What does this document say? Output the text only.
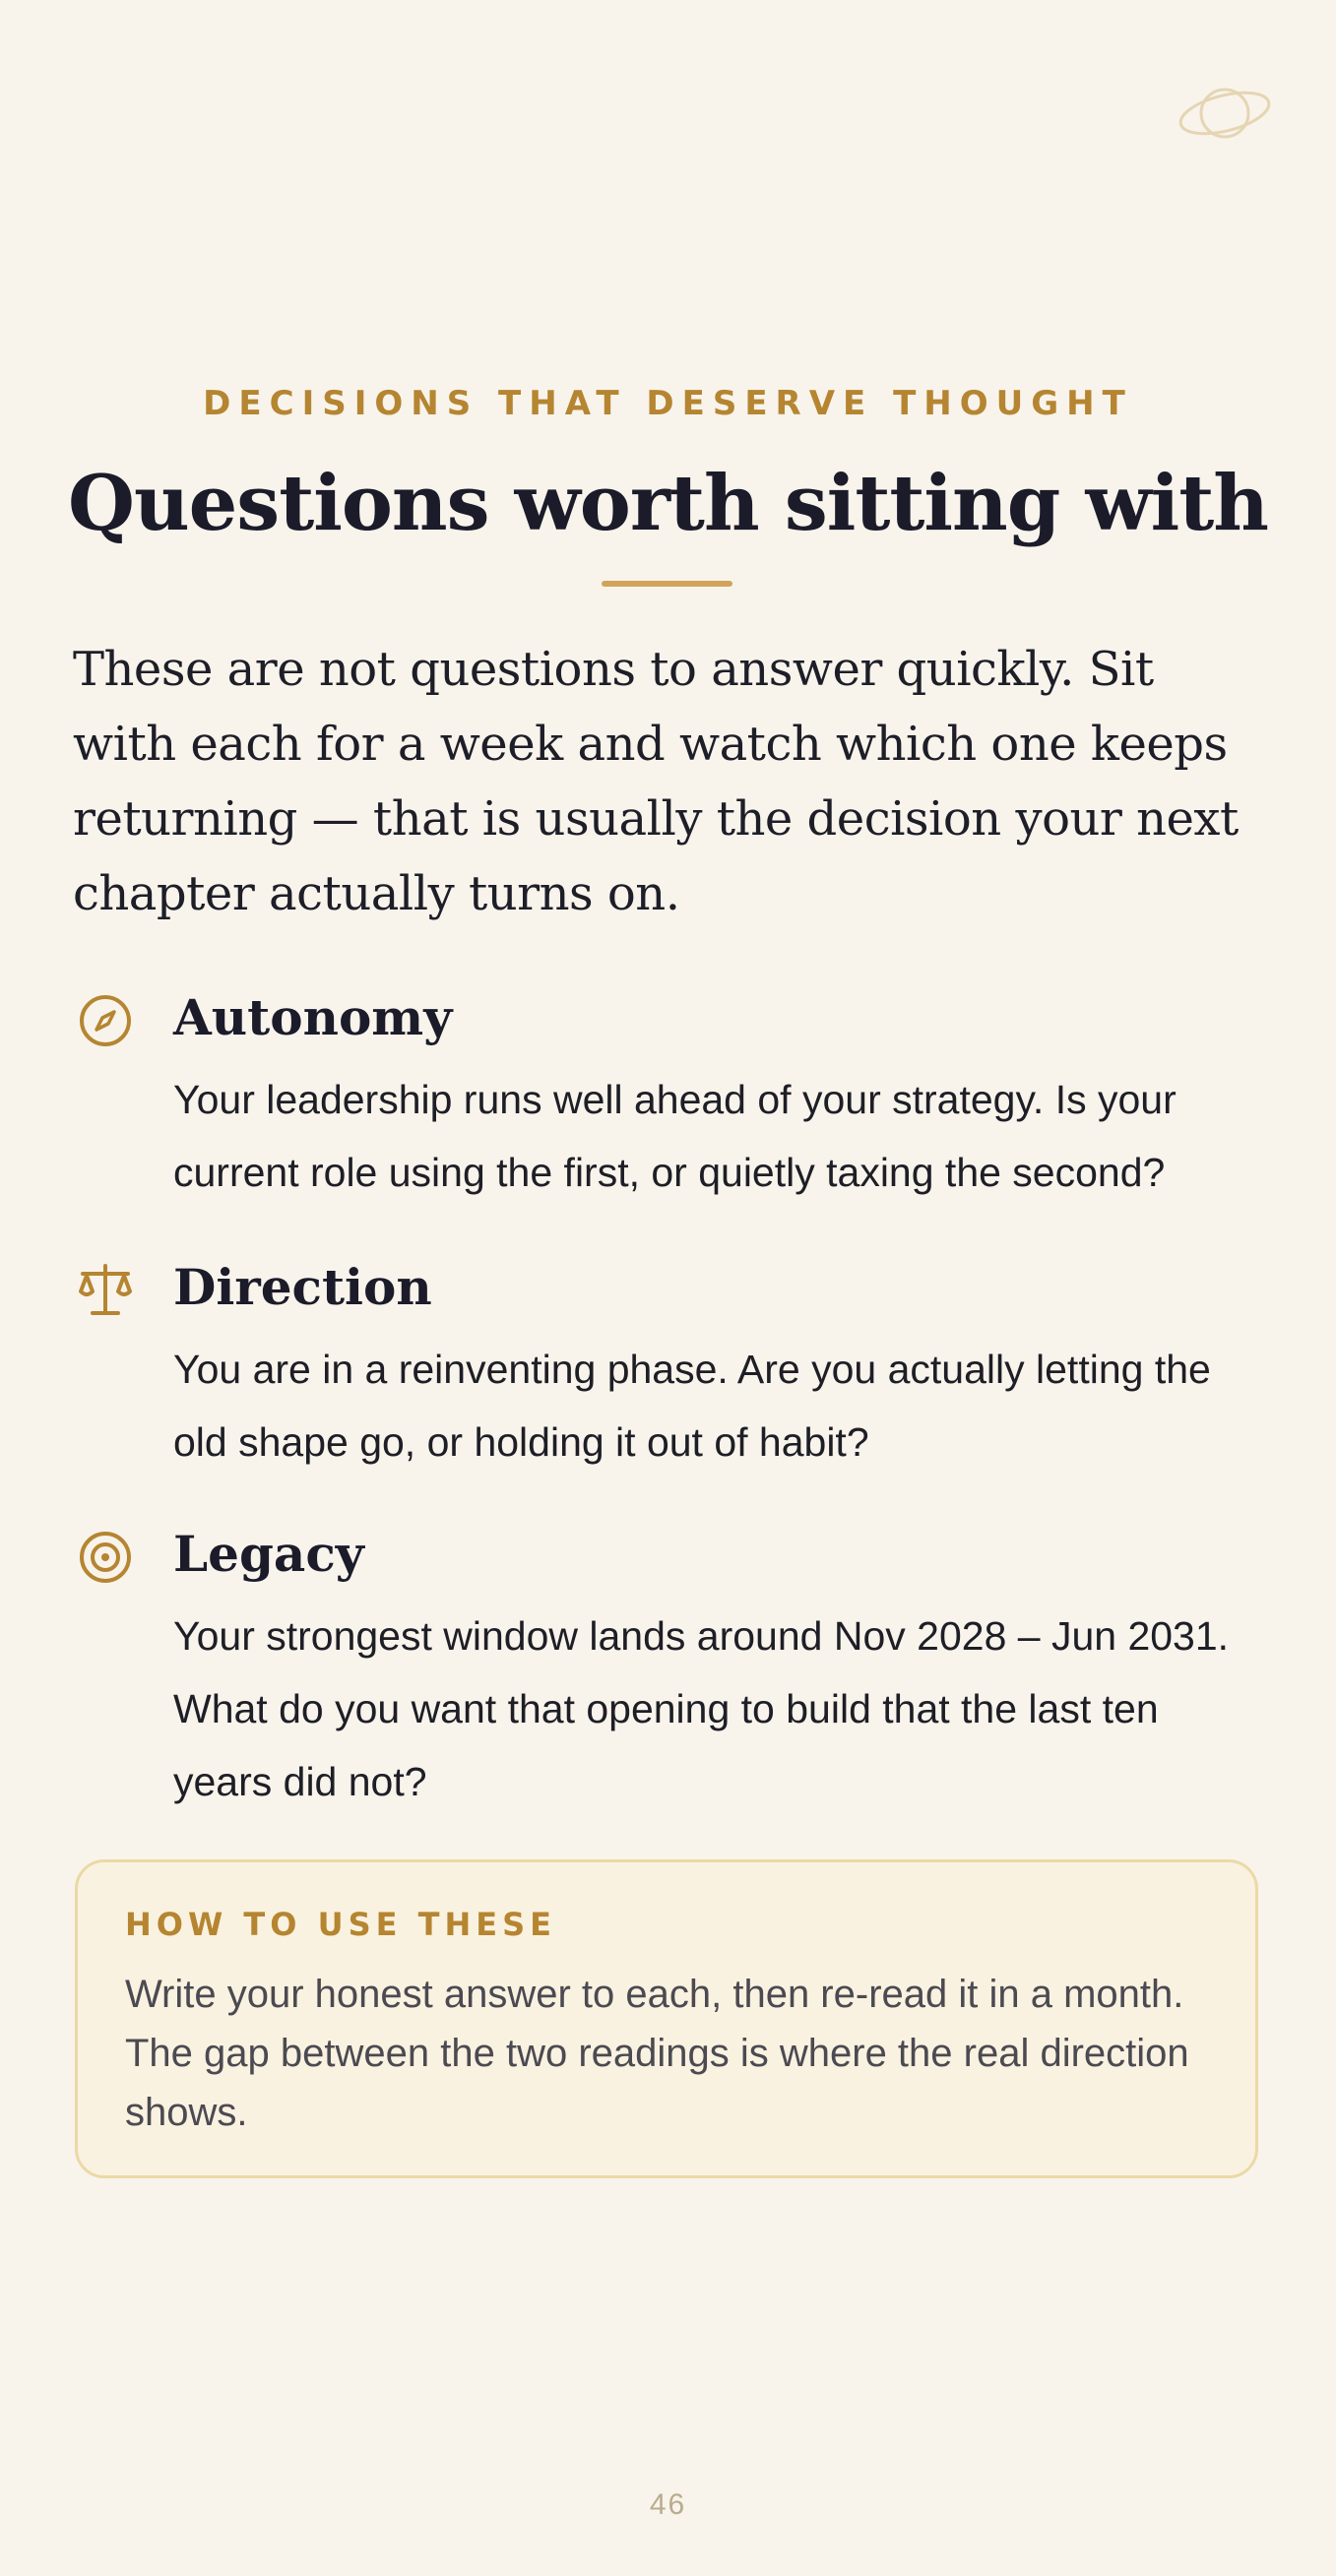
DECISIONS THAT DESERVE THOUGHT
Questions worth sitting with

These are not questions to answer quickly. Sit with each for a week and watch which one keeps returning — that is usually the decision your next chapter actually turns on.

Autonomy

Your leadership runs well ahead of your strategy. Is your current role using the first, or quietly taxing the second?

Direction

You are in a reinventing phase. Are you actually letting the old shape go, or holding it out of habit?

Legacy

Your strongest window lands around Nov 2028 – Jun 2031. What do you want that opening to build that the last ten years did not?

HOW TO USE THESE

Write your honest answer to each, then re-read it in a month. The gap between the two readings is where the real direction shows.

46
